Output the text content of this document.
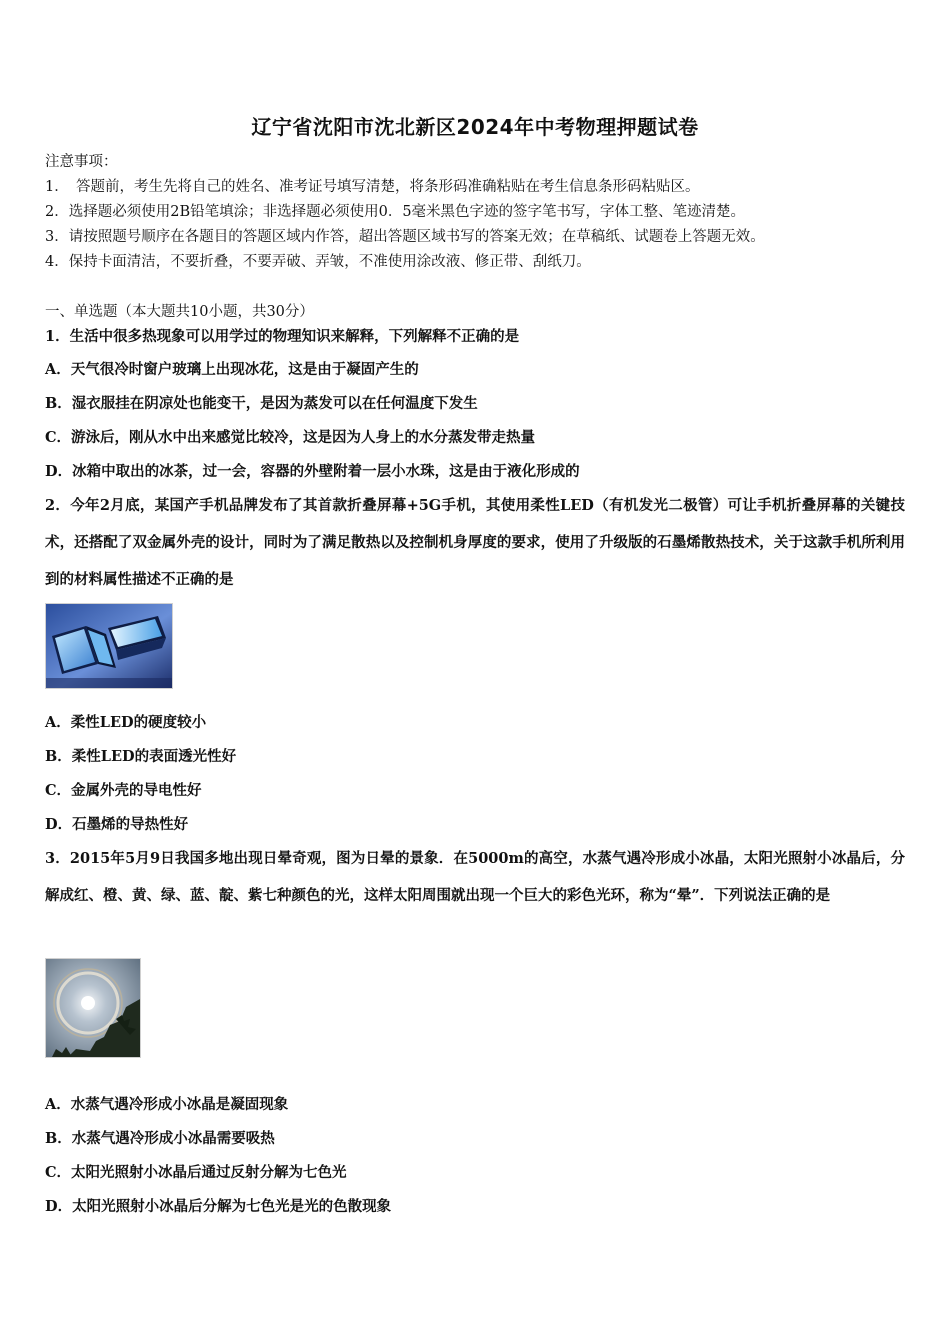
辽宁省沈阳市沈北新区2024年中考物理押题试卷
注意事项：
1．　答题前，考生先将自己的姓名、准考证号填写清楚，将条形码准确粘贴在考生信息条形码粘贴区。
2．选择题必须使用2B铅笔填涂；非选择题必须使用0．5毫米黑色字迹的签字笔书写，字体工整、笔迹清楚。
3．请按照题号顺序在各题目的答题区域内作答，超出答题区域书写的答案无效；在草稿纸、试题卷上答题无效。
4．保持卡面清洁，不要折叠，不要弄破、弄皱，不准使用涂改液、修正带、刮纸刀。
一、单选题（本大题共10小题，共30分）
1．生活中很多热现象可以用学过的物理知识来解释，下列解释不正确的是
A．天气很冷时窗户玻璃上出现冰花，这是由于凝固产生的
B．湿衣服挂在阴凉处也能变干，是因为蒸发可以在任何温度下发生
C．游泳后，刚从水中出来感觉比较冷，这是因为人身上的水分蒸发带走热量
D．冰箱中取出的冰茶，过一会，容器的外壁附着一层小水珠，这是由于液化形成的
2．今年2月底，某国产手机品牌发布了其首款折叠屏幕+5G手机，其使用柔性LED（有机发光二极管）可让手机折叠屏幕的关键技术，还搭配了双金属外壳的设计，同时为了满足散热以及控制机身厚度的要求，使用了升级版的石墨烯散热技术，关于这款手机所利用到的材料属性描述不正确的是
A．柔性LED的硬度较小
B．柔性LED的表面透光性好
C．金属外壳的导电性好
D．石墨烯的导热性好
3．2015年5月9日我国多地出现日晕奇观，图为日晕的景象．在5000m的高空，水蒸气遇冷形成小冰晶，太阳光照射小冰晶后，分解成红、橙、黄、绿、蓝、靛、紫七种颜色的光，这样太阳周围就出现一个巨大的彩色光环，称为“晕”．下列说法正确的是
A．水蒸气遇冷形成小冰晶是凝固现象
B．水蒸气遇冷形成小冰晶需要吸热
C．太阳光照射小冰晶后通过反射分解为七色光
D．太阳光照射小冰晶后分解为七色光是光的色散现象
